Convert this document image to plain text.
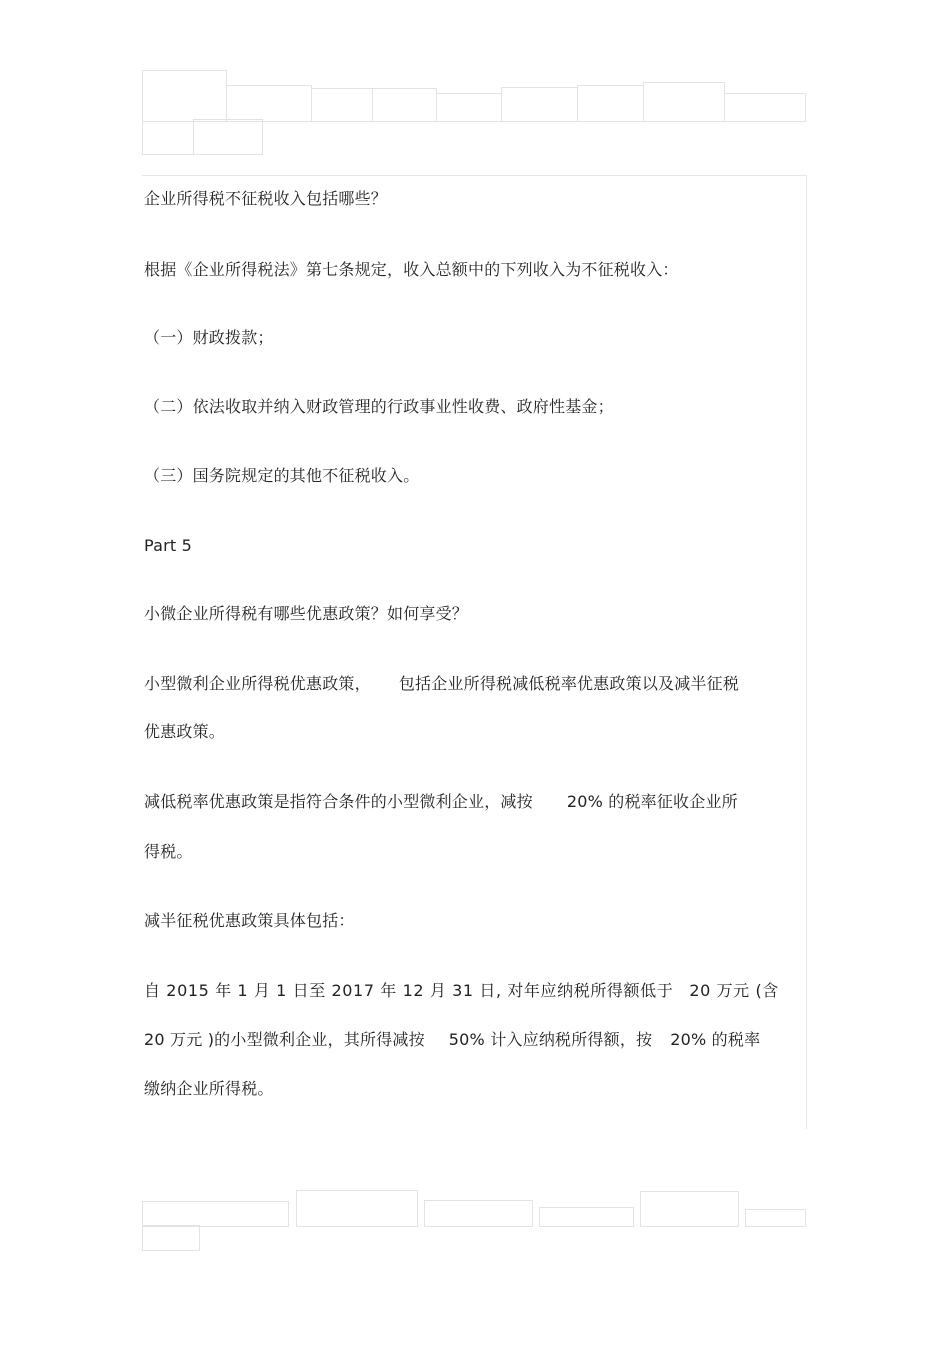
企业所得税不征税收入包括哪些？
根据《企业所得税法》第七条规定，收入总额中的下列收入为不征税收入：
（一）财政拨款；
（二）依法收取并纳入财政管理的行政事业性收费、政府性基金；
（三）国务院规定的其他不征税收入。
Part 5
小微企业所得税有哪些优惠政策？如何享受？
小型微利企业所得税优惠政策， 包括企业所得税减低税率优惠政策以及减半征税
优惠政策。
减低税率优惠政策是指符合条件的小型微利企业，减按 20% 的税率征收企业所
得税。
减半征税优惠政策具体包括：
自 2015 年 1 月 1 日至 2017 年 12 月 31 日, 对年应纳税所得额低于 20 万元 (含
20 万元 )的小型微利企业，其所得减按 50% 计入应纳税所得额，按 20% 的税率
缴纳企业所得税。
